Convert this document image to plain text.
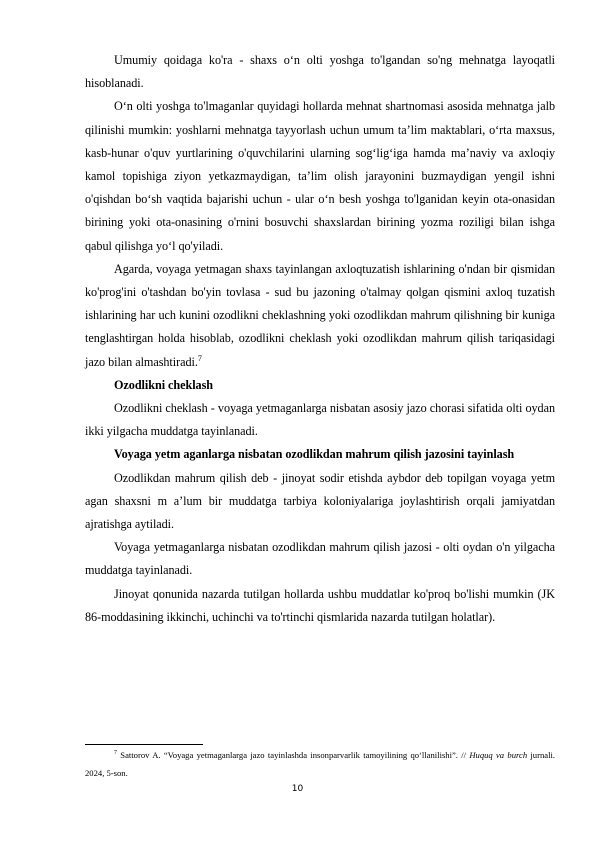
Umumiy qoidaga ko'ra - shaxs o‘n olti yoshga to'lgandan so'ng mehnatga layoqatli hisoblanadi.

O‘n olti yoshga to'lmaganlar quyidagi hollarda mehnat shartnomasi asosida mehnatga jalb qilinishi mumkin: yoshlarni mehnatga tayyorlash uchun umum ta’lim maktablari, o‘rta maxsus, kasb-hunar o'quv yurtlarining o'quvchilarini ularning sog‘lig‘iga hamda ma’naviy va axloqiy kamol topishiga ziyon yetkazmaydigan, ta’lim olish jarayonini buzmaydigan yengil ishni o'qishdan bo‘sh vaqtida bajarishi uchun - ular o‘n besh yoshga to'lganidan keyin ota-onasidan birining yoki ota-onasining o'rnini bosuvchi shaxslardan birining yozma roziligi bilan ishga qabul qilishga yo‘l qo'yiladi.

Agarda, voyaga yetmagan shaxs tayinlangan axloqtuzatish ishlarining o'ndan bir qismidan ko'prog'ini o'tashdan bo'yin tovlasa - sud bu jazoning o'talmay qolgan qismini axloq tuzatish ishlarining har uch kunini ozodlikni cheklashning yoki ozodlikdan mahrum qilishning bir kuniga tenglashtirgan holda hisoblab, ozodlikni cheklash yoki ozodlikdan mahrum qilish tariqasidagi jazo bilan almashtiradi.$^7$

Ozodlikni cheklash

Ozodlikni cheklash - voyaga yetmaganlarga nisbatan asosiy jazo chorasi sifatida olti oydan ikki yilgacha muddatga tayinlanadi.

Voyaga yetm aganlarga nisbatan ozodlikdan mahrum qilish jazosini tayinlash

Ozodlikdan mahrum qilish deb - jinoyat sodir etishda aybdor deb topilgan voyaga yetm agan shaxsni m a’lum bir muddatga tarbiya koloniyalariga joylashtirish orqali jamiyatdan ajratishga aytiladi.

Voyaga yetmaganlarga nisbatan ozodlikdan mahrum qilish jazosi - olti oydan o'n yilgacha muddatga tayinlanadi.

Jinoyat qonunida nazarda tutilgan hollarda ushbu muddatlar ko'proq bo'lishi mumkin (JK 86-moddasining ikkinchi, uchinchi va to'rtinchi qismlarida nazarda tutilgan holatlar).

$^7$ Sattorov A. “Voyaga yetmaganlarga jazo tayinlashda insonparvarlik tamoyilining qo‘llanilishi”. // Huquq va burch jurnali. 2024, 5-son.

10
